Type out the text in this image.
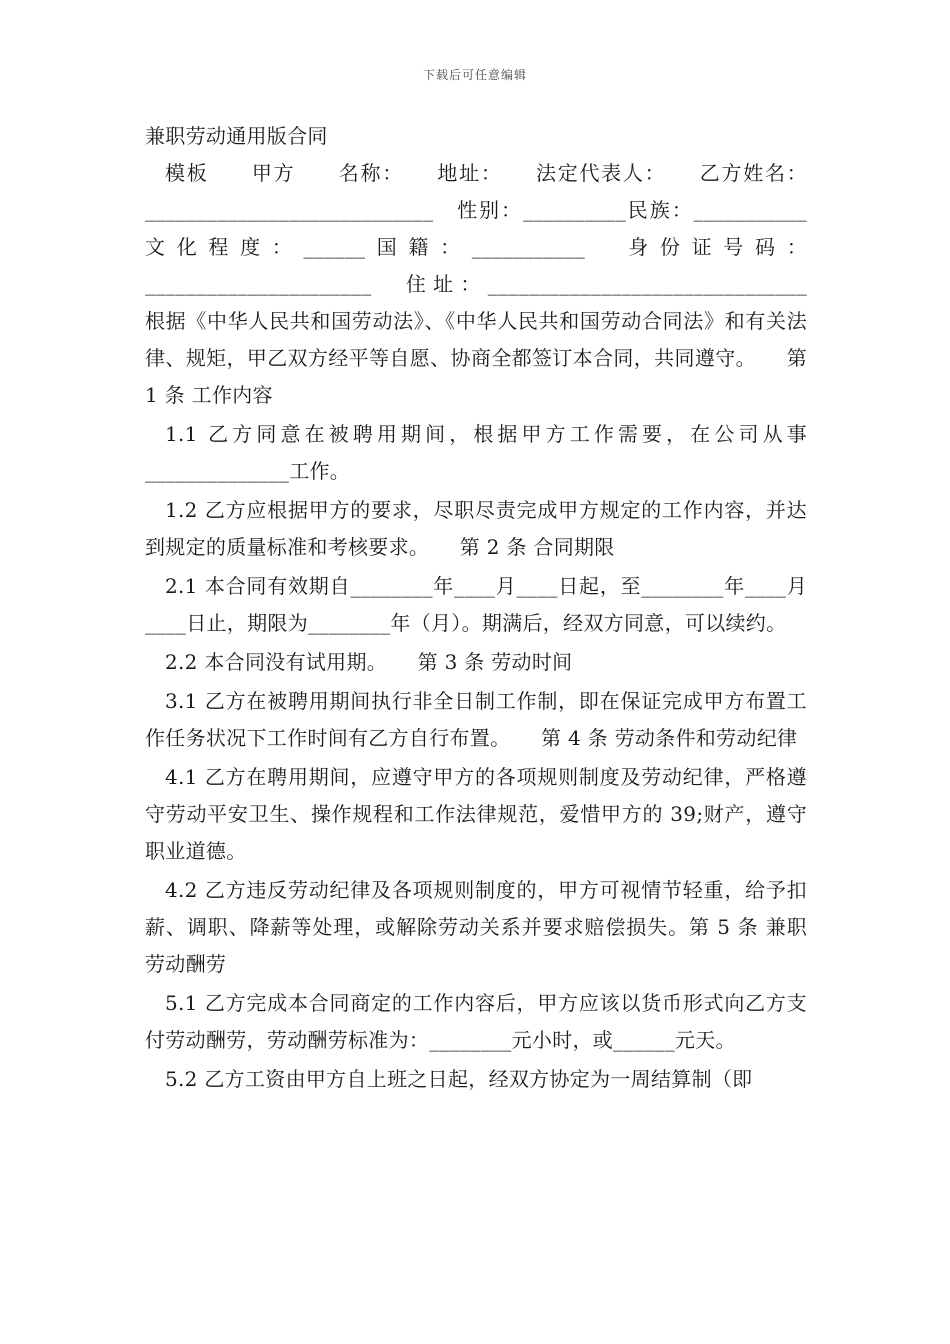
下载后可任意编辑
兼职劳动通用版合同

模板　　甲方　　名称：　　地址：　　法定代表人：　　乙方姓名：____________________________　性别：__________民族：___________　　文化程度：______国籍：___________　身份证号码：______________________　住址：_______________________________　根据《中华人民共和国劳动法》、《中华人民共和国劳动合同法》和有关法律、规矩，甲乙双方经平等自愿、协商全都签订本合同，共同遵守。　　第 1 条 工作内容

1.1 乙方同意在被聘用期间，根据甲方工作需要，在公司从事______________工作。

1.2 乙方应根据甲方的要求，尽职尽责完成甲方规定的工作内容，并达到规定的质量标准和考核要求。　　第 2 条 合同期限

2.1 本合同有效期自________年____月____日起，至________年____月____日止，期限为________年（月）。期满后，经双方同意，可以续约。

2.2 本合同没有试用期。　　第 3 条 劳动时间

3.1 乙方在被聘用期间执行非全日制工作制，即在保证完成甲方布置工作任务状况下工作时间有乙方自行布置。　　第 4 条 劳动条件和劳动纪律

4.1 乙方在聘用期间，应遵守甲方的各项规则制度及劳动纪律，严格遵守劳动平安卫生、操作规程和工作法律规范，爱惜甲方的 39;财产，遵守职业道德。

4.2 乙方违反劳动纪律及各项规则制度的，甲方可视情节轻重，给予扣薪、调职、降薪等处理，或解除劳动关系并要求赔偿损失。第 5 条 兼职劳动酬劳

5.1 乙方完成本合同商定的工作内容后，甲方应该以货币形式向乙方支付劳动酬劳，劳动酬劳标准为：________元小时，或______元天。

5.2 乙方工资由甲方自上班之日起，经双方协定为一周结算制（即
